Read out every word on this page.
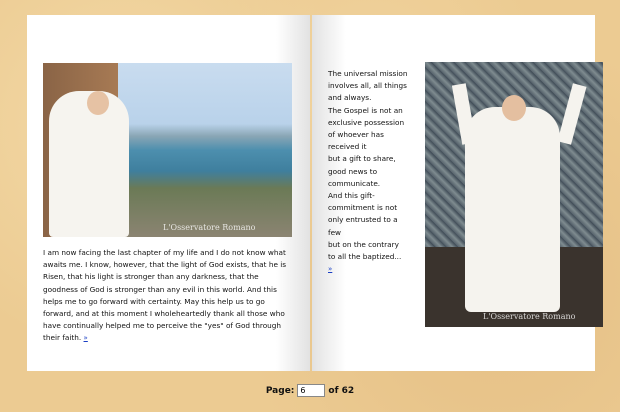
L'Osservatore Romano
I am now facing the last chapter of my life and I do not know what awaits me. I know, however, that the light of God exists, that he is Risen, that his light is stronger than any darkness, that the goodness of God is stronger than any evil in this world. And this helps me to go forward with certainty. May this help us to go forward, and at this moment I wholeheartedly thank all those who have continually helped me to perceive the "yes" of God through their faith. »
The universal mission involves all, all things and always.
The Gospel is not an exclusive possession of whoever has received it
but a gift to share, good news to communicate.
And this gift-commitment is not only entrusted to a few
but on the contrary to all the baptized...
»
L'Osservatore Romano
Page:6	of 62
